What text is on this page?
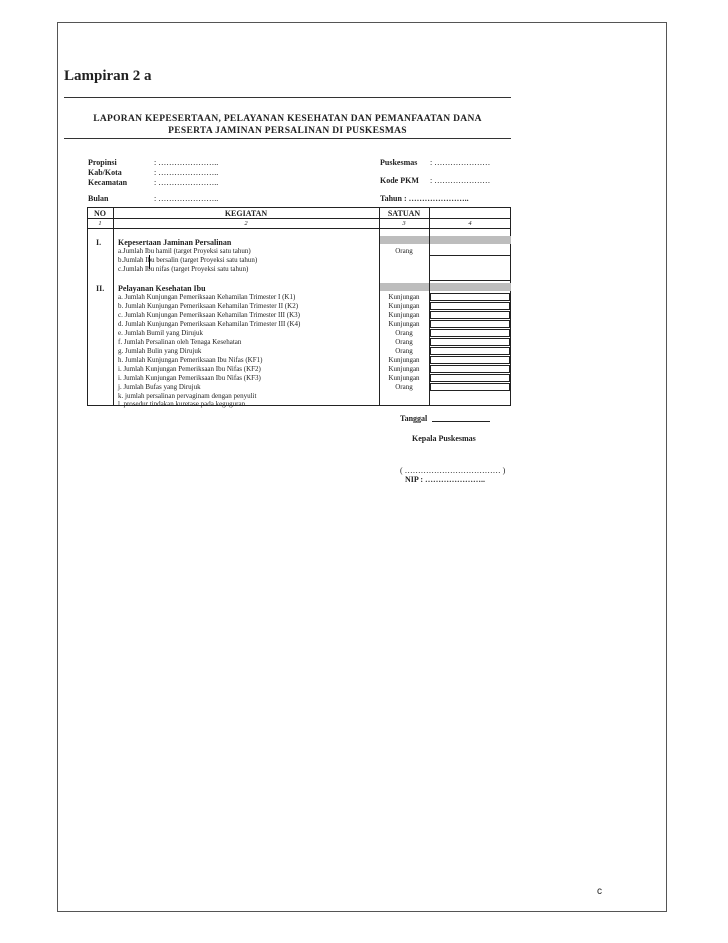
Lampiran 2 a
LAPORAN KEPESERTAAN, PELAYANAN KESEHATAN DAN PEMANFAATAN DANA
PESERTA JAMINAN PERSALINAN DI PUSKESMAS
Propinsi	: …………………..
Kab/Kota	: …………………..
Kecamatan	: …………………..
Bulan	: …………………..
Puskesmas : …………………
Kode PKM : …………………
Tahun : …………………..
NO	KEGIATAN	SATUAN
1	2	3	4
I. Kepesertaan Jaminan Persalinan
a.Jumlah Ibu hamil (target Proyeksi satu tahun)	Orang
b.Jumlah Ibu bersalin (target Proyeksi satu tahun)
c.Jumlah Ibu nifas (target Proyeksi satu tahun)
II. Pelayanan Kesehatan Ibu
a. Jumlah Kunjungan Pemeriksaan Kehamilan Trimester I (K1)	Kunjungan
b. Jumlah Kunjungan Pemeriksaan Kehamilan Trimester II (K2)	Kunjungan
c. Jumlah Kunjungan Pemeriksaan Kehamilan Trimester III (K3)	Kunjungan
d. Jumlah Kunjungan Pemeriksaan Kehamilan Trimester III (K4)	Kunjungan
e. Jumlah Bumil yang Dirujuk	Orang
f. Jumlah Persalinan oleh Tenaga Kesehatan	Orang
g. Jumlah Bulin yang Dirujuk	Orang
h. Jumlah Kunjungan Pemeriksaan Ibu Nifas (KF1)	Kunjungan
i. Jumlah Kunjungan Pemeriksaan Ibu Nifas (KF2)	Kunjungan
i. Jumlah Kunjungan Pemeriksaan Ibu Nifas (KF3)	Kunjungan
j. Jumlah Bufas yang Dirujuk	Orang
k. jumlah persalinan pervaginam dengan penyulit
l. prosedur tindakan kuretase pada keguguran
Tanggal
Kepala Puskesmas
( ……………………………… )
NIP : …………………..
c
